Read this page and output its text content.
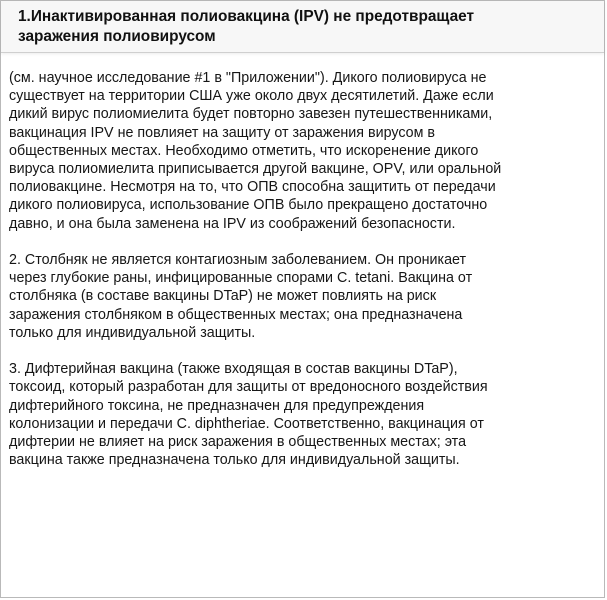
1.Инактивированная полиовакцина (IPV) не предотвращает
заражения полиовирусом

(см. научное исследование #1 в "Приложении"). Дикого полиовируса не
существует на территории США уже около двух десятилетий. Даже если
дикий вирус полиомиелита будет повторно завезен путешественниками,
вакцинация IPV не повлияет на защиту от заражения вирусом в
общественных местах. Необходимо отметить, что искоренение дикого
вируса полиомиелита приписывается другой вакцине, OPV, или оральной
полиовакцине. Несмотря на то, что ОПВ способна защитить от передачи
дикого полиовируса, использование ОПВ было прекращено достаточно
давно, и она была заменена на IPV из соображений безопасности.

2. Столбняк не является контагиозным заболеванием. Он проникает
через глубокие раны, инфицированные спорами C. tetani. Вакцина от
столбняка (в составе вакцины DTaP) не может повлиять на риск
заражения столбняком в общественных местах; она предназначена
только для индивидуальной защиты.

3. Дифтерийная вакцина (также входящая в состав вакцины DTaP),
токсоид, который разработан для защиты от вредоносного воздействия
дифтерийного токсина, не предназначен для предупреждения
колонизации и передачи C. diphtheriae. Соответственно, вакцинация от
дифтерии не влияет на риск заражения в общественных местах; эта
вакцина также предназначена только для индивидуальной защиты.
